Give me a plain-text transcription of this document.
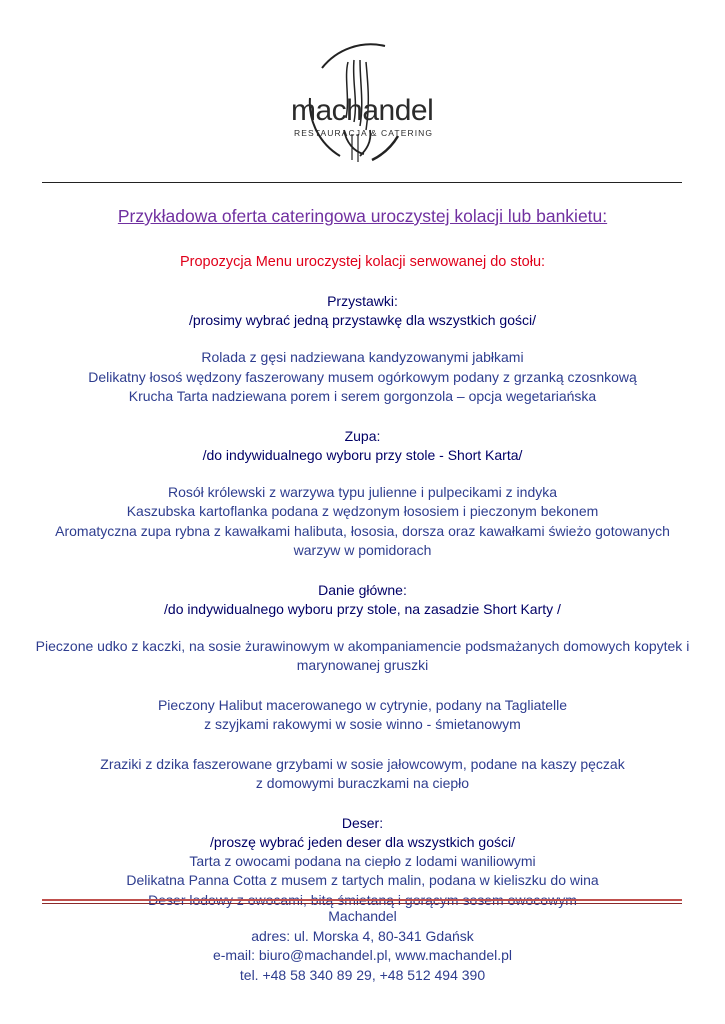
machandel
RESTAURACJA & CATERING

Przykładowa oferta cateringowa uroczystej kolacji lub bankietu:

Propozycja Menu uroczystej kolacji serwowanej do stołu:

Przystawki:

/prosimy wybrać jedną przystawkę dla wszystkich gości/

Rolada z gęsi nadziewana kandyzowanymi jabłkami

Delikatny łosoś wędzony faszerowany musem ogórkowym podany z grzanką czosnkową

Krucha Tarta nadziewana porem i serem gorgonzola – opcja wegetariańska

Zupa:

/do indywidualnego wyboru przy stole - Short Karta/

Rosół królewski z warzywa typu julienne i pulpecikami z indyka

Kaszubska kartoflanka podana z wędzonym łososiem i pieczonym bekonem

Aromatyczna zupa rybna z kawałkami halibuta, łososia, dorsza oraz kawałkami świeżo gotowanych

warzyw w pomidorach

Danie główne:

/do indywidualnego wyboru przy stole, na zasadzie Short Karty /

Pieczone udko z kaczki, na sosie żurawinowym w akompaniamencie podsmażanych domowych kopytek i

marynowanej gruszki

Pieczony Halibut macerowanego w cytrynie, podany na Tagliatelle

z szyjkami rakowymi w sosie winno - śmietanowym

Zraziki z dzika faszerowane grzybami w sosie jałowcowym, podane na kaszy pęczak

z domowymi buraczkami na ciepło

Deser:

/proszę wybrać jeden deser dla wszystkich gości/

Tarta z owocami podana na ciepło z lodami waniliowymi

Delikatna Panna Cotta z musem z tartych malin, podana w kieliszku do wina

Deser lodowy z owocami, bitą śmietaną i gorącym sosem owocowym

Machandel
adres: ul. Morska 4, 80-341 Gdańsk
e-mail: biuro@machandel.pl, www.machandel.pl
tel. +48 58 340 89 29, +48 512 494 390
